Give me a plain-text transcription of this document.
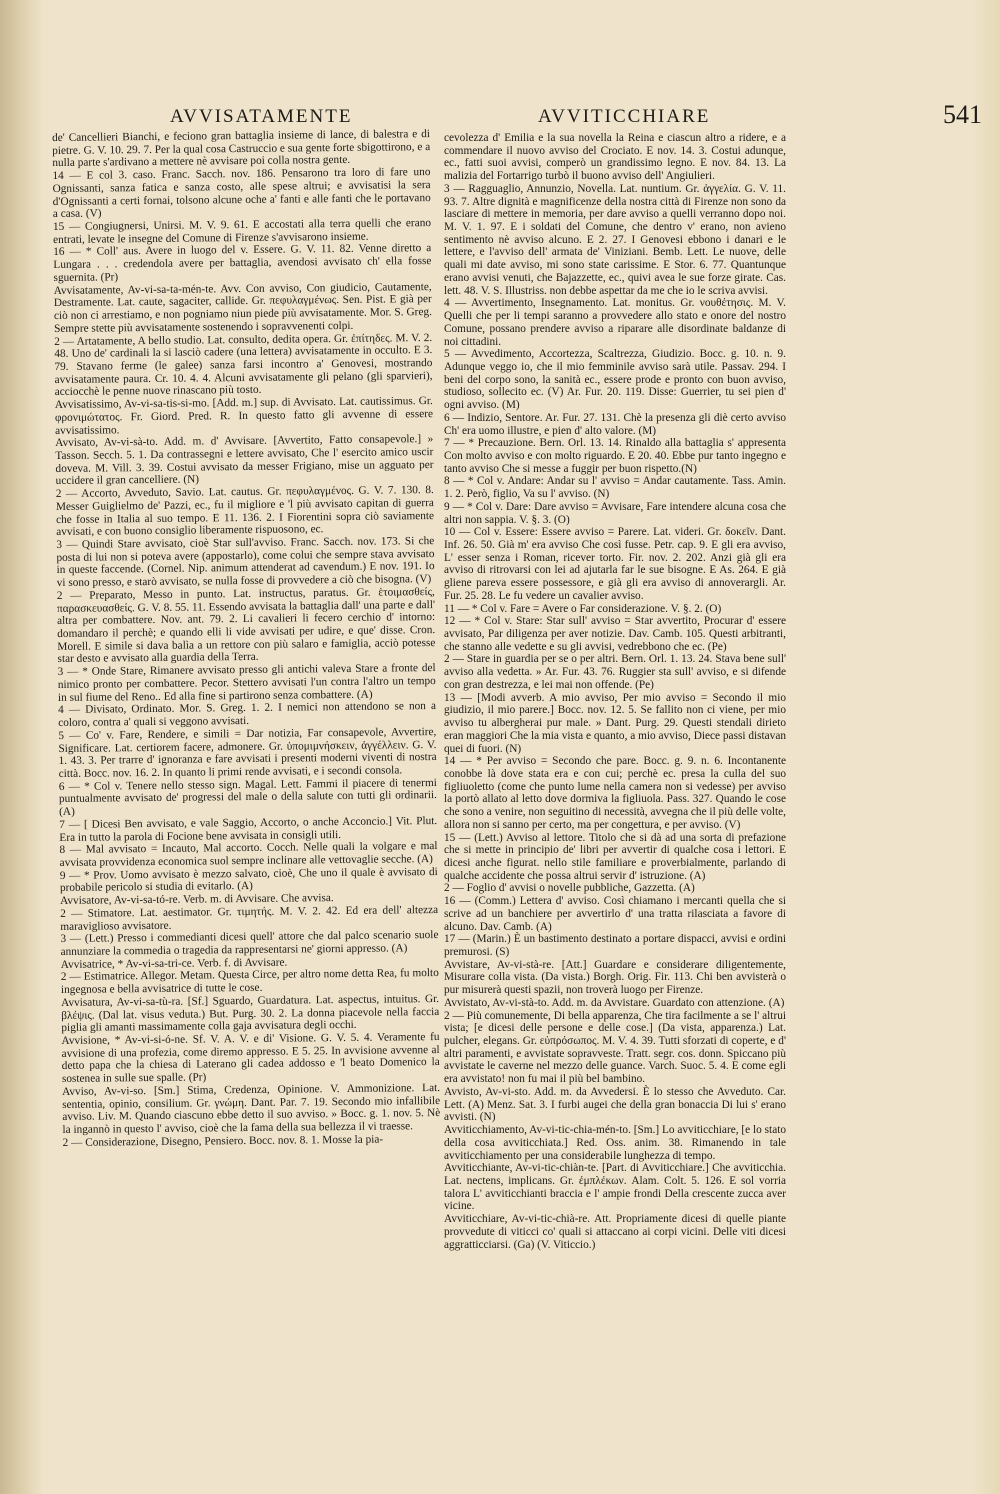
AVVISATAMENTE	AVVITICCHIARE	541

de' Cancellieri Bianchi, e feciono gran battaglia insieme di lance, di balestra e di pietre. G. V. 10. 29. 7. Per la qual cosa Castruccio e sua gente forte sbigottirono, e a nulla parte s'ardivano a mettere nè avvisare poi colla nostra gente.

14 — E col 3. caso. Franc. Sacch. nov. 186. Pensarono tra loro di fare uno Ognissanti, sanza fatica e sanza costo, alle spese altrui; e avvisatisi la sera d'Ognissanti a certi fornai, tolsono alcune oche a' fanti e alle fanti che le portavano a casa. (V)

15 — Congiugnersi, Unirsi. M. V. 9. 61. E accostati alla terra quelli che erano entrati, levate le insegne del Comune di Firenze s'avvisarono insieme.

16 — * Coll' aus. Avere in luogo del v. Essere. G. V. 11. 82. Venne diretto a Lungara . . . credendola avere per battaglia, avendosi avvisato ch' ella fosse sguernita. (Pr)

Avvisatamente, Av-vi-sa-ta-mén-te. Avv. Con avviso, Con giudicio, Cautamente, Destramente. Lat. caute, sagaciter, callide. Gr. πεφυλαγμένως. Sen. Pist. E già per ciò non ci arrestiamo, e non pogniamo niun piede più avvisatamente. Mor. S. Greg. Sempre stette più avvisatamente sostenendo i sopravvenenti colpi.

2 — Artatamente, A bello studio. Lat. consulto, dedita opera. Gr. ἐπίτηδες. M. V. 2. 48. Uno de' cardinali la si lasciò cadere (una lettera) avvisatamente in occulto. E 3. 79. Stavano ferme (le galee) sanza farsi incontro a' Genovesi, mostrando avvisatamente paura. Cr. 10. 4. 4. Alcuni avvisatamente gli pelano (gli sparvieri), acciocchè le penne nuove rinascano più tosto.

Avvisatissimo, Av-vi-sa-tis-si-mo. [Add. m.] sup. di Avvisato. Lat. cautissimus. Gr. φρονιμώτατος. Fr. Giord. Pred. R. In questo fatto gli avvenne di essere avvisatissimo.

Avvisato, Av-vi-sà-to. Add. m. d' Avvisare. [Avvertito, Fatto consapevole.] » Tasson. Secch. 5. 1. Da contrassegni e lettere avvisato, Che l' esercito amico uscir doveva. M. Vill. 3. 39. Costui avvisato da messer Frigiano, mise un agguato per uccidere il gran cancelliere. (N)

2 — Accorto, Avveduto, Savio. Lat. cautus. Gr. πεφυλαγμένος. G. V. 7. 130. 8. Messer Guiglielmo de' Pazzi, ec., fu il migliore e 'l più avvisato capitan di guerra che fosse in Italia al suo tempo. E 11. 136. 2. I Fiorentini sopra ciò saviamente avvisati, e con buono consiglio liberamente rispuosono, ec.

3 — Quindi Stare avvisato, cioè Star sull'avviso. Franc. Sacch. nov. 173. Si che posta di lui non si poteva avere (appostarlo), come colui che sempre stava avvisato in queste faccende. (Cornel. Nip. animum attenderat ad cavendum.) E nov. 191. Io vi sono presso, e starò avvisato, se nulla fosse di provvedere a ciò che bisogna. (V)

2 — Preparato, Messo in punto. Lat. instructus, paratus. Gr. ἑτοιμασθείς, παρασκευασθείς. G. V. 8. 55. 11. Essendo avvisata la battaglia dall' una parte e dall' altra per combattere. Nov. ant. 79. 2. Li cavalieri li fecero cerchio d' intorno: domandaro il perchè; e quando elli li vide avvisati per udire, e que' disse. Cron. Morell. E simile si dava balìa a un rettore con più salaro e famiglia, acciò potesse star desto e avvisato alla guardia della Terra.

3 — * Onde Stare, Rimanere avvisato presso gli antichi valeva Stare a fronte del nimico pronto per combattere. Pecor. Stettero avvisati l'un contra l'altro un tempo in sul fiume del Reno.. Ed alla fine si partirono senza combattere. (A)

4 — Divisato, Ordinato. Mor. S. Greg. 1. 2. I nemici non attendono se non a coloro, contra a' quali si veggono avvisati.

5 — Co' v. Fare, Rendere, e simili = Dar notizia, Far consapevole, Avvertire, Significare. Lat. certiorem facere, admonere. Gr. ὑπομιμνήσκειν, ἀγγέλλειν. G. V. 1. 43. 3. Per trarre d' ignoranza e fare avvisati i presenti moderni viventi di nostra città. Bocc. nov. 16. 2. In quanto li primi rende avvisati, e i secondi consola.

6 — * Col v. Tenere nello stesso sign. Magal. Lett. Fammi il piacere di tenermi puntualmente avvisato de' progressi del male o della salute con tutti gli ordinarii. (A)

7 — [ Dicesi Ben avvisato, e vale Saggio, Accorto, o anche Acconcio.] Vit. Plut. Era in tutto la parola di Focione bene avvisata in consigli utili.

8 — Mal avvisato = Incauto, Mal accorto. Cocch. Nelle quali la volgare e mal avvisata provvidenza economica suol sempre inclinare alle vettovaglie secche. (A)

9 — * Prov. Uomo avvisato è mezzo salvato, cioè, Che uno il quale è avvisato di probabile pericolo si studia di evitarlo. (A)

Avvisatore, Av-vi-sa-tó-re. Verb. m. di Avvisare. Che avvisa.

2 — Stimatore. Lat. aestimator. Gr. τιμητής. M. V. 2. 42. Ed era dell' altezza maraviglioso avvisatore.

3 — (Lett.) Presso i commedianti dicesi quell' attore che dal palco scenario suole annunziare la commedia o tragedia da rappresentarsi ne' giorni appresso. (A)

Avvisatrice, * Av-vi-sa-tri-ce. Verb. f. di Avvisare.

2 — Estimatrice. Allegor. Metam. Questa Circe, per altro nome detta Rea, fu molto ingegnosa e bella avvisatrice di tutte le cose.

Avvisatura, Av-vi-sa-tù-ra. [Sf.] Sguardo, Guardatura. Lat. aspectus, intuitus. Gr. βλέψις. (Dal lat. visus veduta.) But. Purg. 30. 2. La donna piacevole nella faccia piglia gli amanti massimamente colla gaja avvisatura degli occhi.

Avvisione, * Av-vi-si-ó-ne. Sf. V. A. V. e di' Visione. G. V. 5. 4. Veramente fu avvisione di una profezia, come diremo appresso. E 5. 25. In avvisione avvenne al detto papa che la chiesa di Laterano gli cadea addosso e 'l beato Domenico la sostenea in sulle sue spalle. (Pr)

Avviso, Av-vi-so. [Sm.] Stima, Credenza, Opinione. V. Ammonizione. Lat. sententia, opinio, consilium. Gr. γνώμη. Dant. Par. 7. 19. Secondo mio infallibile avviso. Liv. M. Quando ciascuno ebbe detto il suo avviso. » Bocc. g. 1. nov. 5. Nè la ingannò in questo l' avviso, cioè che la fama della sua bellezza il vi traesse.

2 — Considerazione, Disegno, Pensiero. Bocc. nov. 8. 1. Mosse la pia-

cevolezza d' Emilia e la sua novella la Reina e ciascun altro a riderе, e a commendare il nuovo avviso del Crociato. E nov. 14. 3. Costui adunque, ec., fatti suoi avvisi, comperò un grandissimo legno. E nov. 84. 13. La malizia del Fortarrigo turbò il buono avviso dell' Angiulieri.

3 — Ragguaglio, Annunzio, Novella. Lat. nuntium. Gr. ἀγγελία. G. V. 11. 93. 7. Altre dignità e magnificenze della nostra città di Firenze non sono da lasciare di mettere in memoria, per dare avviso a quelli verranno dopo noi. M. V. 1. 97. E i soldati del Comune, che dentro v' erano, non avieno sentimento nè avviso alcuno. E 2. 27. I Genovesi ebbono i danari e le lettere, e l'avviso dell' armata de' Viniziani. Bemb. Lett. Le nuove, delle quali mi date avviso, mi sono state carissime. E Stor. 6. 77. Quantunque erano avvisi venuti, che Bajazzette, ec., quivi avea le sue forze girate. Cas. lett. 48. V. S. Illustriss. non debbe aspettar da me che io le scriva avvisi.

4 — Avvertimento, Insegnamento. Lat. monitus. Gr. νουθέτησις. M. V. Quelli che per li tempi saranno a provvedere allo stato e onore del nostro Comune, possano prendere avviso a riparare alle disordinate baldanze di noi cittadini.

5 — Avvedimento, Accortezza, Scaltrezza, Giudizio. Bocc. g. 10. n. 9. Adunque veggo io, che il mio femminile avviso sarà utile. Passav. 294. I beni del corpo sono, la sanità ec., essere prode e pronto con buon avviso, studioso, sollecito ec. (V) Ar. Fur. 20. 119. Disse: Guerrier, tu sei pien d' ogni avviso. (M)

6 — Indizio, Sentore. Ar. Fur. 27. 131. Chè la presenza gli diè certo avviso Ch' era uomo illustre, e pien d' alto valore. (M)

7 — * Precauzione. Bern. Orl. 13. 14. Rinaldo alla battaglia s' appresentа Con molto avviso e con molto riguardo. E 20. 40. Ebbe pur tanto ingegno e tanto avviso Che si messe a fuggir per buon rispetto.(N)

8 — * Col v. Andare: Andar su l' avviso = Andar cautamente. Tass. Amin. 1. 2. Però, figlio, Va su l' avviso. (N)

9 — * Col v. Dare: Dare avviso = Avvisare, Fare intendere alcuna cosa che altri non sappia. V. §. 3. (O)

10 — Col v. Essere: Essere avviso = Parere. Lat. videri. Gr. δοκεῖν. Dant. Inf. 26. 50. Già m' era avviso Che così fusse. Petr. cap. 9. E gli era avviso, L' esser senza i Roman, ricever torto. Fir. nov. 2. 202. Anzi già gli era avviso di ritrovarsi con lei ad ajutarla far le sue bisogne. E As. 264. E già gliene pareva essere possessore, e già gli era avviso di annoverargli. Ar. Fur. 25. 28. Le fu vedere un cavalier avviso.

11 — * Col v. Fare = Avere o Far considerazione. V. §. 2. (O)

12 — * Col v. Stare: Star sull' avviso = Star avvertito, Procurar d' essere avvisato, Par diligenza per aver notizie. Dav. Camb. 105. Questi arbitranti, che stanno alle vedette e su gli avvisi, vedrebbono che ec. (Pe)

2 — Stare in guardia per se o per altri. Bern. Orl. 1. 13. 24. Stava bene sull' avviso alla vedetta. » Ar. Fur. 43. 76. Ruggier sta sull' avviso, e si difende con gran destrezza, e lei mai non offende. (Pe)

13 — [Modi avverb. A mio avviso, Per mio avviso = Secondo il mio giudizio, il mio parere.] Bocc. nov. 12. 5. Se fallito non ci viene, per mio avviso tu albergherai pur male. » Dant. Purg. 29. Questi stendali dirieto eran maggiori Che la mia vista e quanto, a mio avviso, Diece passi distavan quei di fuori. (N)

14 — * Per avviso = Secondo che pare. Bocc. g. 9. n. 6. Incontanente conobbe là dove stata era e con cui; perchè ec. presa la culla del suo figliuoletto (come che punto lume nella camera non si vedesse) per avviso la portò allato al letto dove dormiva la figliuola. Pass. 327. Quando le cose che sono a venire, non seguitino di necessità, avvegna che il più delle volte, allora non si sanno per certo, ma per congettura, e per avviso. (V)

15 — (Lett.) Avviso al lettore. Titolo che si dà ad una sorta di prefazione che si mette in principio de' libri per avvertir di qualche cosa i lettori. E dicesi anche figurat. nello stile familiare e proverbialmente, parlando di qualche accidente che possa altrui servir d' istruzione. (A)

2 — Foglio d' avvisi o novelle pubbliche, Gazzetta. (A)

16 — (Comm.) Lettera d' avviso. Così chiamano i mercanti quella che si scrive ad un banchiere per avvertirlo d' una tratta rilasciata a favore di alcuno. Dav. Camb. (A)

17 — (Marin.) È un bastimento destinato a portare dispacci, avvisi e ordini premurosi. (S)

Avvistare, Av-vi-stà-re. [Att.] Guardare e considerare diligentemente, Misurare colla vista. (Da vista.) Borgh. Orig. Fir. 113. Chi ben avvisterà o pur misurerà questi spazii, non troverà luogo per Firenze.

Avvistato, Av-vi-stà-to. Add. m. da Avvistare. Guardato con attenzione. (A)

2 — Più comunemente, Di bella apparenza, Che tira facilmente a se l' altrui vista; [e dicesi delle persone e delle cose.] (Da vista, apparenza.) Lat. pulcher, elegans. Gr. εὐπρόσωπος. M. V. 4. 39. Tutti sforzati di coperte, e d' altri paramenti, e avvistate sopravveste. Tratt. segr. cos. donn. Spiccano più avvistate le caverne nel mezzo delle guance. Varch. Suoc. 5. 4. E come egli era avvistato! non fu mai il più bel bambino.

Avvisto, Av-vi-sto. Add. m. da Avvedersi. È lo stesso che Avveduto. Car. Lett. (A) Menz. Sat. 3. I furbi augei che della gran bonaccia Di lui s' erano avvisti. (N)

Avviticchiamento, Av-vi-tic-chia-mén-to. [Sm.] Lo avviticchiare, [e lo stato della cosa avviticchiata.] Red. Oss. anim. 38. Rimanendo in tale avviticchiamento per una considerabile lunghezza di tempo.

Avviticchiante, Av-vi-tic-chiàn-te. [Part. di Avviticchiare.] Che avviticchia. Lat. nectens, implicans. Gr. ἐμπλέκων. Alam. Colt. 5. 126. E sol vorria talora L' avviticchianti braccia e l' ampie frondi Della crescente zucca aver vicine.

Avviticchiare, Av-vi-tic-chià-re. Att. Propriamente dicesi di quelle piante provvedute di viticci co' quali si attaccano ai corpi vicini. Delle viti dicesi aggratticciarsi. (Ga) (V. Viticcio.)
